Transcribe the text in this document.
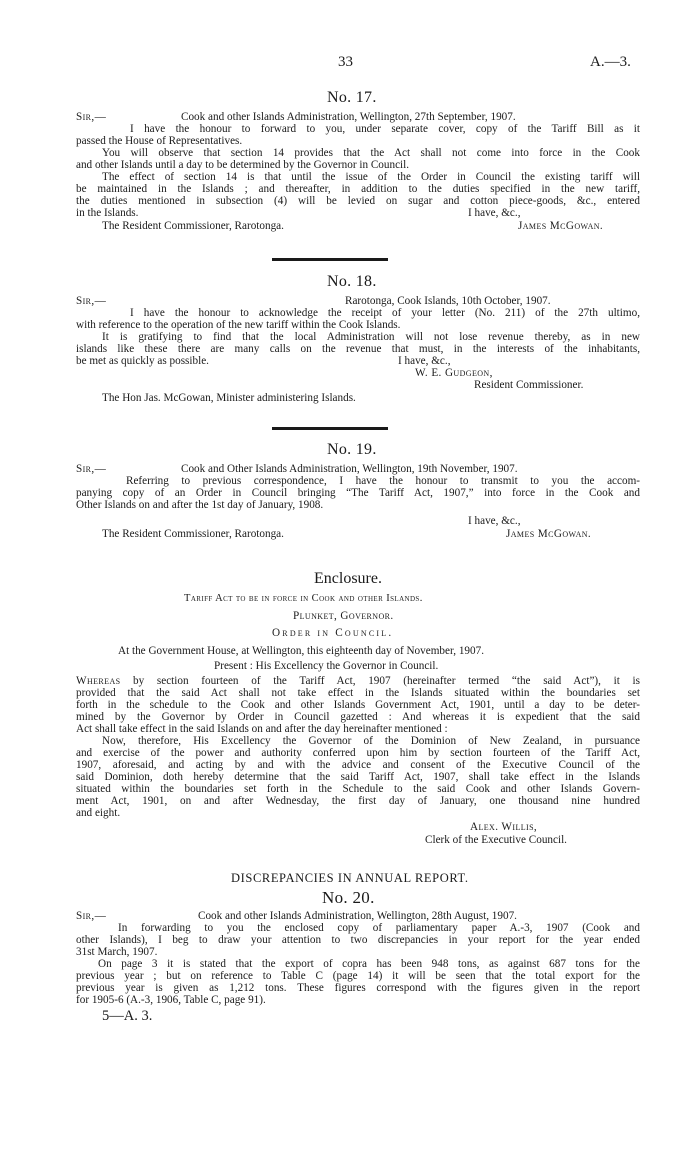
33	A.—3.
No. 17.
Sir,—	Cook and other Islands Administration, Wellington, 27th September, 1907.
I have the honour to forward to you, under separate cover, copy of the Tariff Bill as it
passed the House of Representatives.
You will observe that section 14 provides that the Act shall not come into force in the Cook
and other Islands until a day to be determined by the Governor in Council.
The effect of section 14 is that until the issue of the Order in Council the existing tariff will
be maintained in the Islands ; and thereafter, in addition to the duties specified in the new tariff,
the duties mentioned in subsection (4) will be levied on sugar and cotton piece-goods, &c., entered
in the Islands.	I have, &c.,
The Resident Commissioner, Rarotonga.	James McGowan.
No. 18.
Sir,—	Rarotonga, Cook Islands, 10th October, 1907.
I have the honour to acknowledge the receipt of your letter (No. 211) of the 27th ultimo,
with reference to the operation of the new tariff within the Cook Islands.
It is gratifying to find that the local Administration will not lose revenue thereby, as in new
islands like these there are many calls on the revenue that must, in the interests of the inhabitants,
be met as quickly as possible.	I have, &c.,
W. E. Gudgeon,
Resident Commissioner.
The Hon Jas. McGowan, Minister administering Islands.
No. 19.
Sir,—	Cook and Other Islands Administration, Wellington, 19th November, 1907.
Referring to previous correspondence, I have the honour to transmit to you the accom-
panying copy of an Order in Council bringing “The Tariff Act, 1907,” into force in the Cook and
Other Islands on and after the 1st day of January, 1908.
I have, &c.,
The Resident Commissioner, Rarotonga.	James McGowan.
Enclosure.
Tariff Act to be in force in Cook and other Islands.
Plunket, Governor.
Order in Council.
At the Government House, at Wellington, this eighteenth day of November, 1907.
Present : His Excellency the Governor in Council.
Whereas by section fourteen of the Tariff Act, 1907 (hereinafter termed “the said Act”), it is
provided that the said Act shall not take effect in the Islands situated within the boundaries set
forth in the schedule to the Cook and other Islands Government Act, 1901, until a day to be deter-
mined by the Governor by Order in Council gazetted : And whereas it is expedient that the said
Act shall take effect in the said Islands on and after the day hereinafter mentioned :
Now, therefore, His Excellency the Governor of the Dominion of New Zealand, in pursuance
and exercise of the power and authority conferred upon him by section fourteen of the Tariff Act,
1907, aforesaid, and acting by and with the advice and consent of the Executive Council of the
said Dominion, doth hereby determine that the said Tariff Act, 1907, shall take effect in the Islands
situated within the boundaries set forth in the Schedule to the said Cook and other Islands Govern-
ment Act, 1901, on and after Wednesday, the first day of January, one thousand nine hundred
and eight.
Alex. Willis,
Clerk of the Executive Council.
DISCREPANCIES IN ANNUAL REPORT.
No. 20.
Sir,—	Cook and other Islands Administration, Wellington, 28th August, 1907.
In forwarding to you the enclosed copy of parliamentary paper A.-3, 1907 (Cook and
other Islands), I beg to draw your attention to two discrepancies in your report for the year ended
31st March, 1907.
On page 3 it is stated that the export of copra has been 948 tons, as against 687 tons for the
previous year ; but on reference to Table C (page 14) it will be seen that the total export for the
previous year is given as 1,212 tons. These figures correspond with the figures given in the report
for 1905-6 (A.-3, 1906, Table C, page 91).
5—A. 3.
